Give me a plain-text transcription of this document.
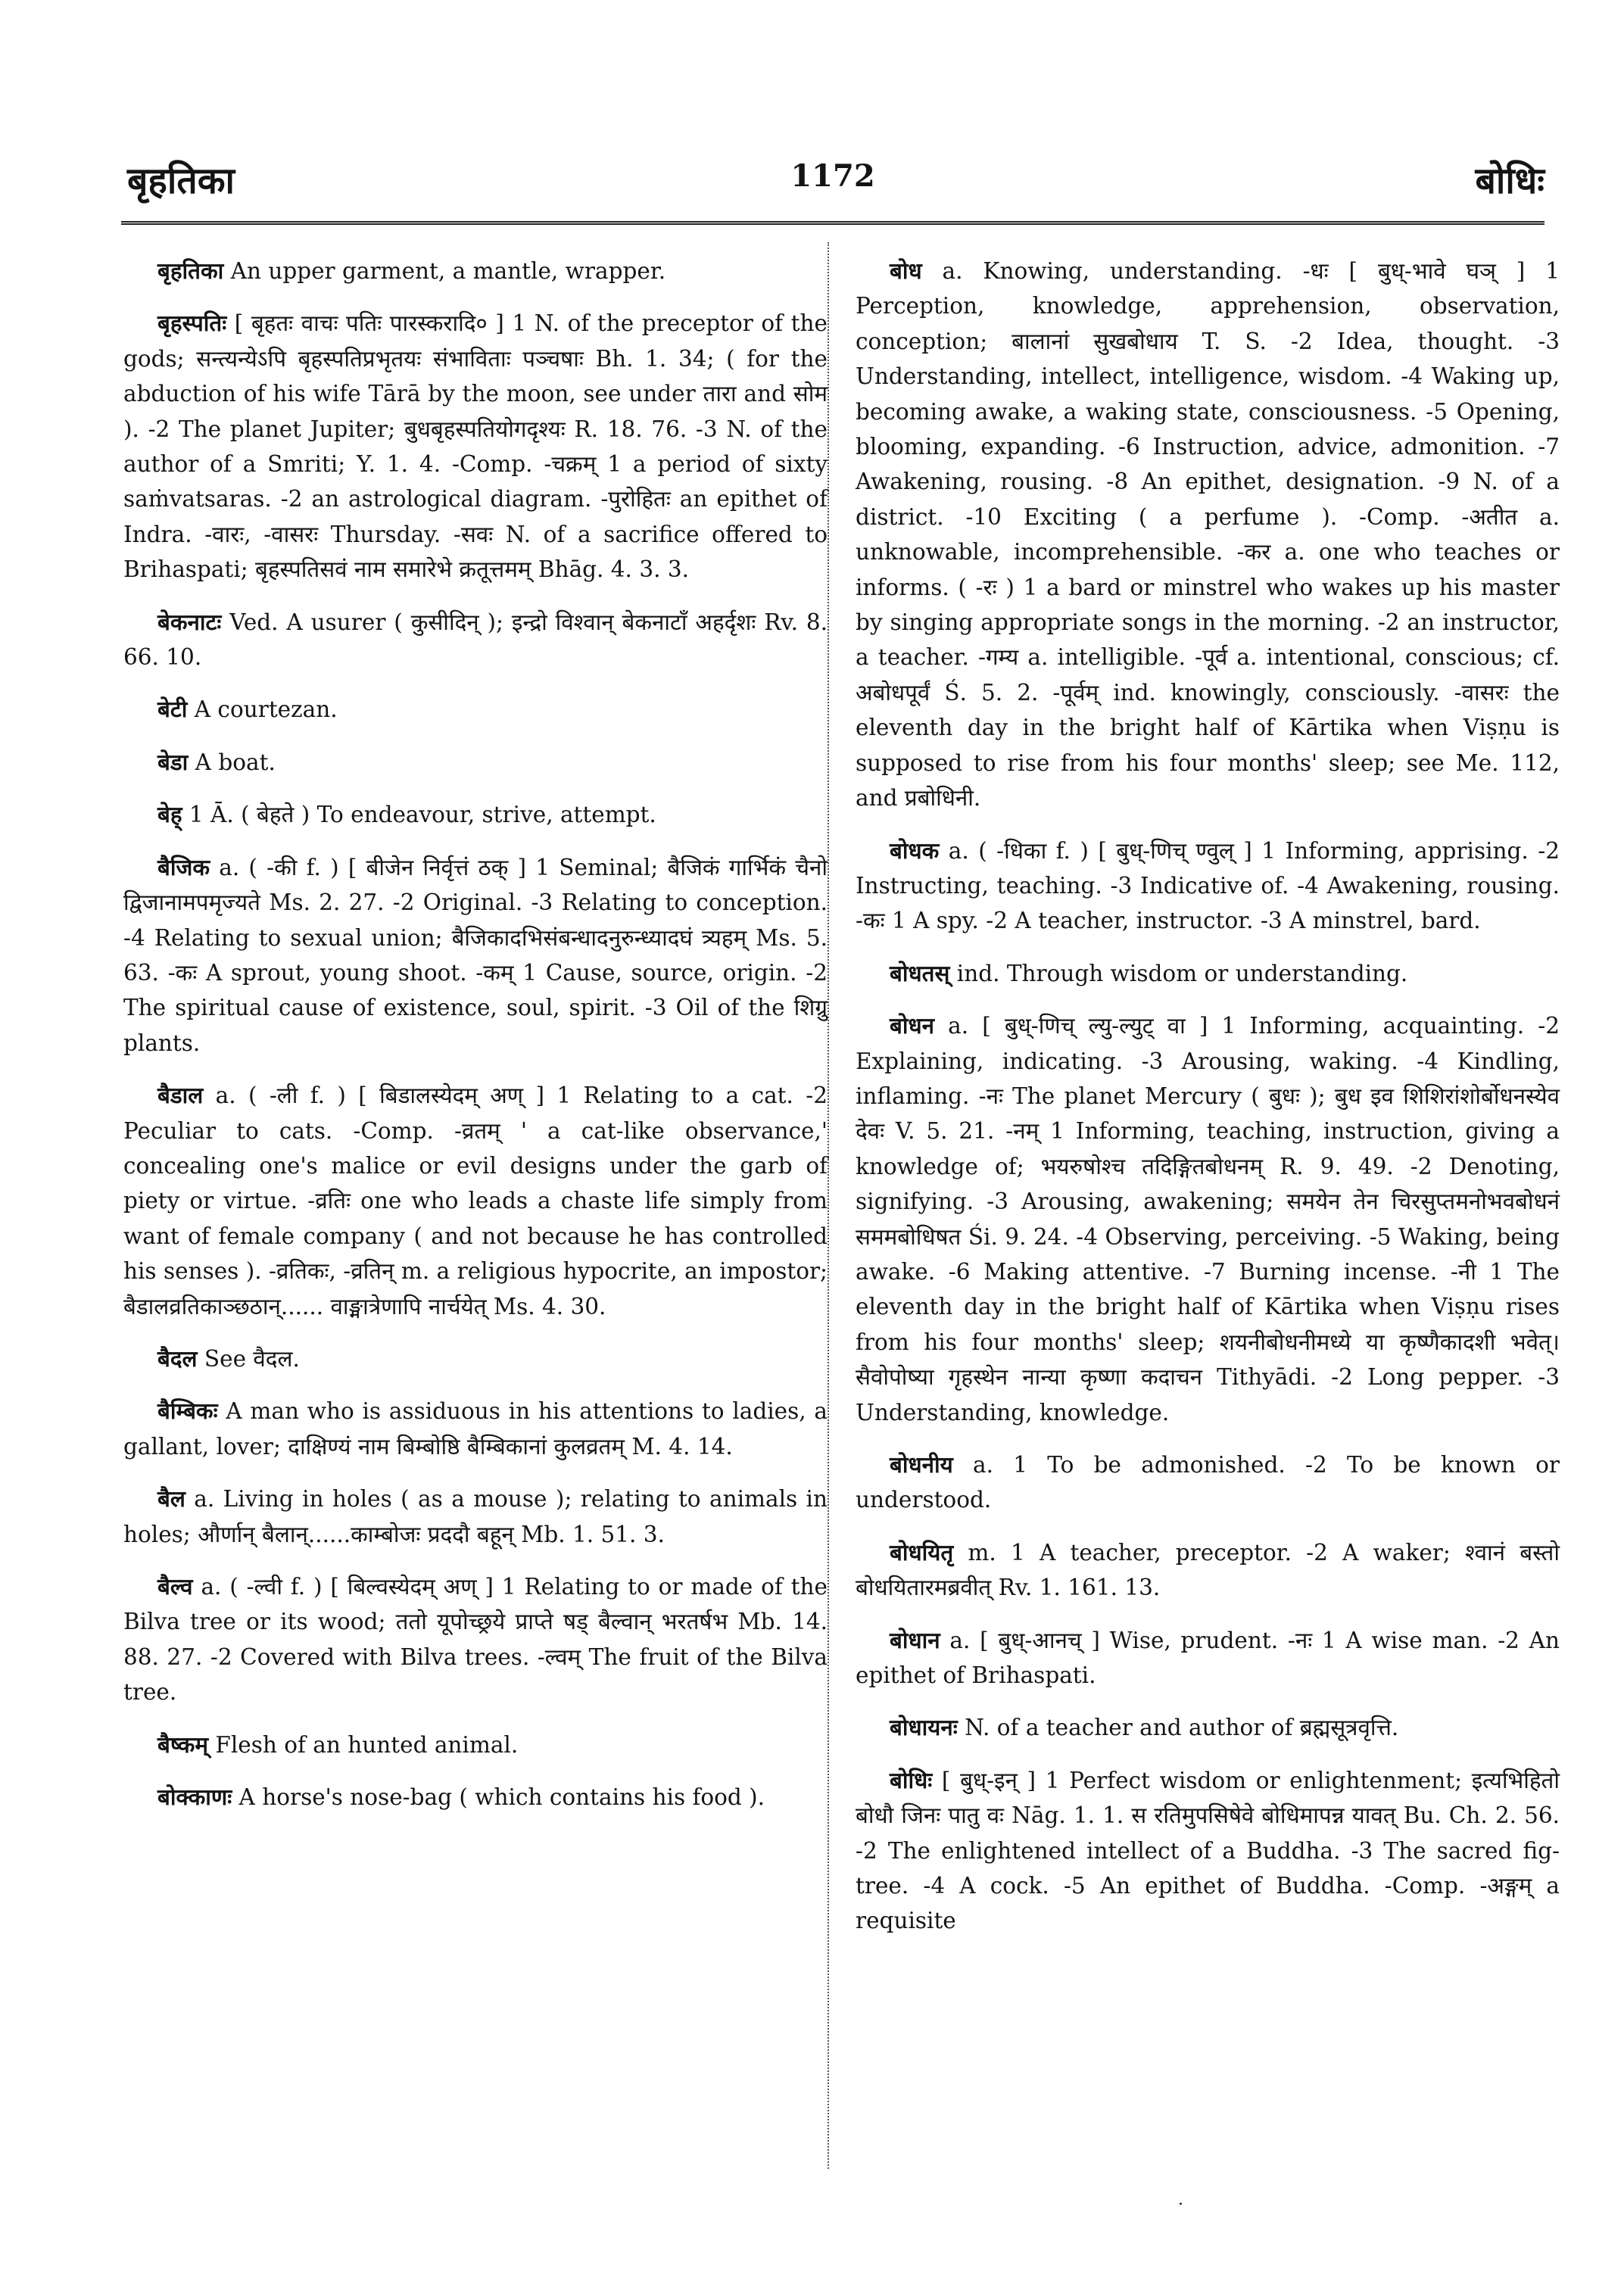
बृहतिका	1172	बोधिः

बृहतिका An upper garment, a mantle, wrapper.

बृहस्पतिः [ बृहतः वाचः पतिः पारस्करादि० ] 1 N. of the preceptor of the gods; सन्त्यन्येऽपि बृहस्पतिप्रभृतयः संभाविताः पञ्चषाः Bh. 1. 34; ( for the abduction of his wife Tārā by the moon, see under तारा and सोम ). -2 The planet Jupiter; बुधबृहस्पतियोगदृश्यः R. 18. 76. -3 N. of the author of a Smriti; Y. 1. 4. -Comp. -चक्रम् 1 a period of sixty saṁvatsaras. -2 an astrological diagram. -पुरोहितः an epithet of Indra. -वारः, -वासरः Thursday. -सवः N. of a sacrifice offered to Brihaspati; बृहस्पतिसवं नाम समारेभे क्रतूत्तमम् Bhāg. 4. 3. 3.

बेकनाटः Ved. A usurer ( कुसीदिन् ); इन्द्रो विश्वान् बेकनाटाँ अहर्दृशः Rv. 8. 66. 10.

बेटी A courtezan.

बेडा A boat.

बेह् 1 Ā. ( बेहते ) To endeavour, strive, attempt.

बैजिक a. ( -की f. ) [ बीजेन निर्वृत्तं ठक् ] 1 Seminal; बैजिकं गार्भिकं चैनो द्विजानामपमृज्यते Ms. 2. 27. -2 Original. -3 Relating to conception. -4 Relating to sexual union; बैजिकादभिसंबन्धादनुरुन्ध्यादघं त्र्यहम् Ms. 5. 63. -कः A sprout, young shoot. -कम् 1 Cause, source, origin. -2 The spiritual cause of existence, soul, spirit. -3 Oil of the शिग्रु plants.

बैडाल a. ( -ली f. ) [ बिडालस्येदम् अण् ] 1 Relating to a cat. -2 Peculiar to cats. -Comp. -व्रतम् ' a cat-like observance,' concealing one's malice or evil designs under the garb of piety or virtue. -व्रतिः one who leads a chaste life simply from want of female company ( and not because he has controlled his senses ). -व्रतिकः, -व्रतिन् m. a religious hypocrite, an impostor; बैडालव्रतिकाञ्छठान्...... वाङ्मात्रेणापि नार्चयेत् Ms. 4. 30.

बैदल See वैदल.

बैम्बिकः A man who is assiduous in his attentions to ladies, a gallant, lover; दाक्षिण्यं नाम बिम्बोष्ठि बैम्बिकानां कुलव्रतम् M. 4. 14.

बैल a. Living in holes ( as a mouse ); relating to animals in holes; और्णान् बैलान्......काम्बोजः प्रददौ बहून् Mb. 1. 51. 3.

बैल्व a. ( -ल्वी f. ) [ बिल्वस्येदम् अण् ] 1 Relating to or made of the Bilva tree or its wood; ततो यूपोच्छ्रये प्राप्ते षड् बैल्वान् भरतर्षभ Mb. 14. 88. 27. -2 Covered with Bilva trees. -ल्वम् The fruit of the Bilva tree.

बैष्कम् Flesh of an hunted animal.

बोक्काणः A horse's nose-bag ( which contains his food ).

बोध a. Knowing, understanding. -धः [ बुध्-भावे घञ् ] 1 Perception, knowledge, apprehension, observation, conception; बालानां सुखबोधाय T. S. -2 Idea, thought. -3 Understanding, intellect, intelligence, wisdom. -4 Waking up, becoming awake, a waking state, consciousness. -5 Opening, blooming, expanding. -6 Instruction, advice, admonition. -7 Awakening, rousing. -8 An epithet, designation. -9 N. of a district. -10 Exciting ( a perfume ). -Comp. -अतीत a. unknowable, incomprehensible. -कर a. one who teaches or informs. ( -रः ) 1 a bard or minstrel who wakes up his master by singing appropriate songs in the morning. -2 an instructor, a teacher. -गम्य a. intelligible. -पूर्व a. intentional, conscious; cf. अबोधपूर्वं Ś. 5. 2. -पूर्वम् ind. knowingly, consciously. -वासरः the eleventh day in the bright half of Kārtika when Viṣṇu is supposed to rise from his four months' sleep; see Me. 112, and प्रबोधिनी.

बोधक a. ( -धिका f. ) [ बुध्-णिच् ण्वुल् ] 1 Informing, apprising. -2 Instructing, teaching. -3 Indicative of. -4 Awakening, rousing. -कः 1 A spy. -2 A teacher, instructor. -3 A minstrel, bard.

बोधतस् ind. Through wisdom or understanding.

बोधन a. [ बुध्-णिच् ल्यु-ल्युट् वा ] 1 Informing, acquainting. -2 Explaining, indicating. -3 Arousing, waking. -4 Kindling, inflaming. -नः The planet Mercury ( बुधः ); बुध इव शिशिरांशोर्बोधनस्येव देवः V. 5. 21. -नम् 1 Informing, teaching, instruction, giving a knowledge of; भयरुषोश्च तदिङ्गितबोधनम् R. 9. 49. -2 Denoting, signifying. -3 Arousing, awakening; समयेन तेन चिरसुप्तमनोभवबोधनं सममबोधिषत Śi. 9. 24. -4 Observing, perceiving. -5 Waking, being awake. -6 Making attentive. -7 Burning incense. -नी 1 The eleventh day in the bright half of Kārtika when Viṣṇu rises from his four months' sleep; शयनीबोधनीमध्ये या कृष्णैकादशी भवेत्। सैवोपोष्या गृहस्थेन नान्या कृष्णा कदाचन Tithyādi. -2 Long pepper. -3 Understanding, knowledge.

बोधनीय a. 1 To be admonished. -2 To be known or understood.

बोधयितृ m. 1 A teacher, preceptor. -2 A waker; श्वानं बस्तो बोधयितारमब्रवीत् Rv. 1. 161. 13.

बोधान a. [ बुध्-आनच् ] Wise, prudent. -नः 1 A wise man. -2 An epithet of Brihaspati.

बोधायनः N. of a teacher and author of ब्रह्मसूत्रवृत्ति.

बोधिः [ बुध्-इन् ] 1 Perfect wisdom or enlightenment; इत्यभिहितो बोधौ जिनः पातु वः Nāg. 1. 1. स रतिमुपसिषेवे बोधिमापन्न यावत् Bu. Ch. 2. 56. -2 The enlightened intellect of a Buddha. -3 The sacred fig-tree. -4 A cock. -5 An epithet of Buddha. -Comp. -अङ्गम् a requisite

·
